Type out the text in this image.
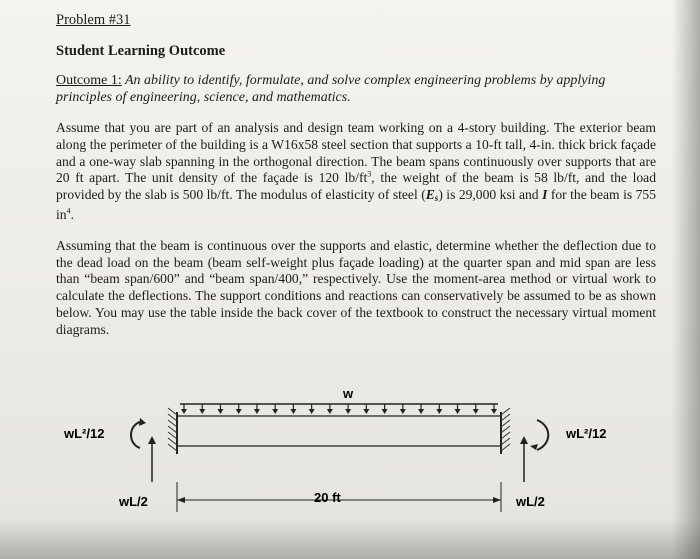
Problem #31
Student Learning Outcome
Outcome 1: An ability to identify, formulate, and solve complex engineering problems by applying principles of engineering, science, and mathematics.
Assume that you are part of an analysis and design team working on a 4-story building. The exterior beam along the perimeter of the building is a W16x58 steel section that supports a 10-ft tall, 4-in. thick brick façade and a one-way slab spanning in the orthogonal direction. The beam spans continuously over supports that are 20 ft apart. The unit density of the façade is 120 $lb/ft^3$, the weight of the beam is 58 lb/ft, and the load provided by the slab is 500 lb/ft. The modulus of elasticity of steel $(E_s)$ is 29,000 ksi and I for the beam is 755 $in^4$.
Assuming that the beam is continuous over the supports and elastic, determine whether the deflection due to the dead load on the beam (beam self-weight plus façade loading) at the quarter span and mid span are less than “beam span/600” and “beam span/400,” respectively. Use the moment-area method or virtual work to calculate the deflections. The support conditions and reactions can conservatively be assumed to be as shown below. You may use the table inside the back cover of the textbook to construct the necessary virtual moment diagrams.
w
wL²/12	wL²/12
wL/2	wL/2
20 ft
